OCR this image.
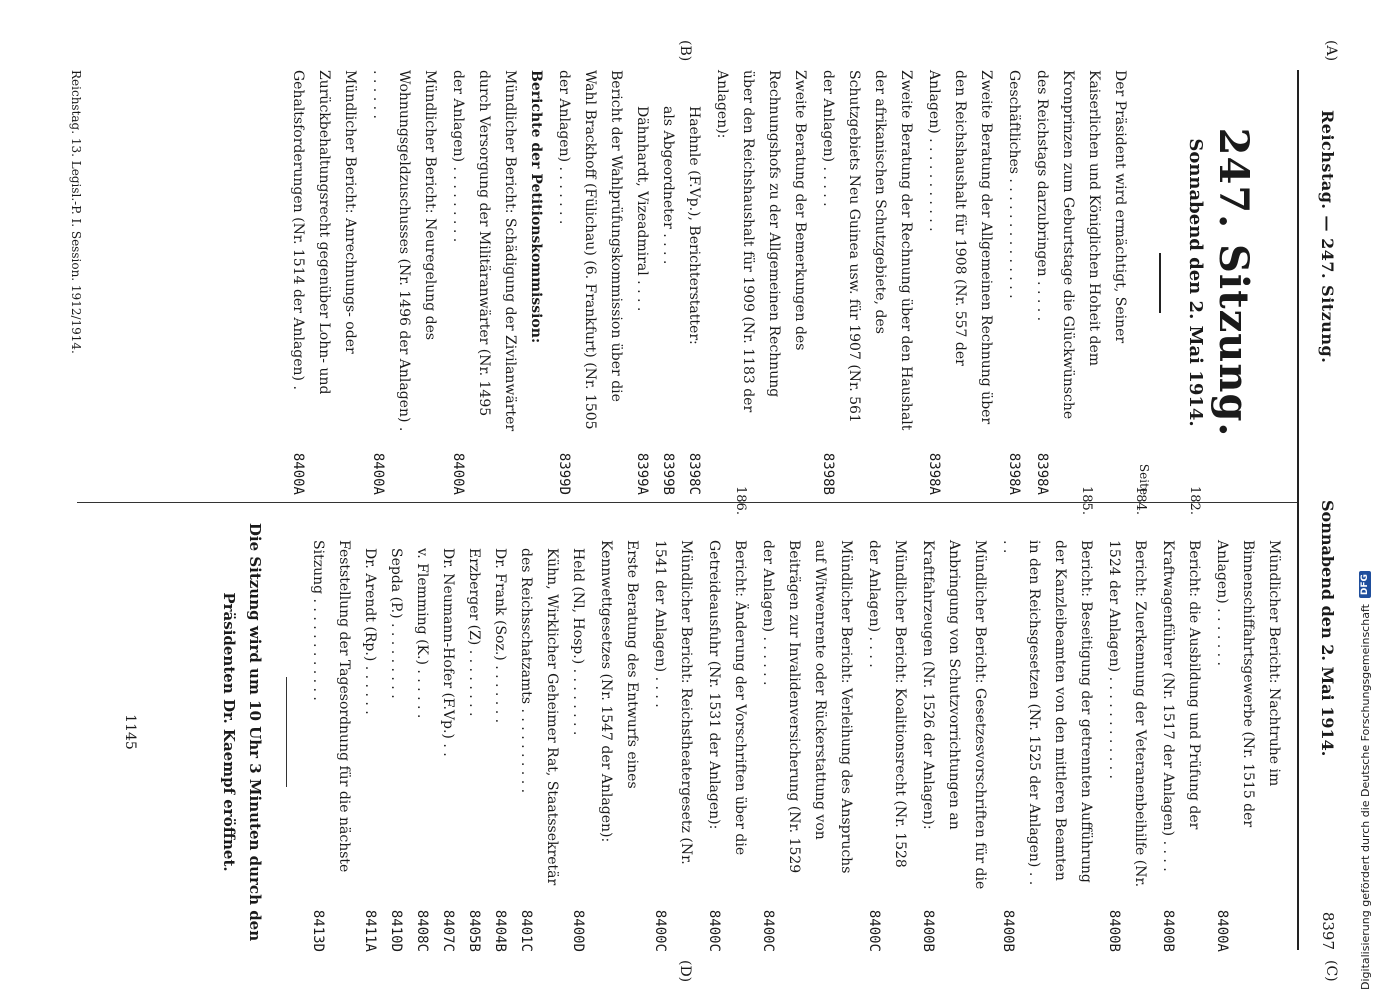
(A)
(B)
(C)
(D)
Reichstag. — 247. Sitzung.
Sonnabend den 2. Mai 1914.
8397
247. Sitzung.
Sonnabend den 2. Mai 1914.
Seite
Der Präsident wird ermächtigt, Seiner Kaiserlichen und Königlichen Hoheit dem Kronprinzen zum Geburtstage die Glückwünsche des Reichstags darzubringen . . . . .
8398A
Geschäftliches . . . . . . . . . . . . . .
8398A
Zweite Beratung der Allgemeinen Rechnung über den Reichshaushalt für 1908 (Nr. 557 der Anlagen) . . . . . . . . . . .
8398A
Zweite Beratung der Rechnung über den Haushalt der afrikanischen Schutzgebiete, des Schutzgebiets Neu Guinea usw. für 1907 (Nr. 561 der Anlagen) . . . . .
8398B
Zweite Beratung der Bemerkungen des Rechnungshofs zu der Allgemeinen Rechnung über den Reichshaushalt für 1909 (Nr. 1183 der Anlagen):
Haehnle (F.Vp.), Berichterstatter:
8398C
als Abgeordneter . . . .
8399B
Dähnhardt, Vizeadmiral . . . .
8399A
Bericht der Wahlprüfungskommission über die Wahl Brackhoff (Fülichau) (6. Frankfurt) (Nr. 1505 der Anlagen) . . . . . . .
8399D
Berichte der Petitionskommission:
Mündlicher Bericht: Schädigung der Zivilanwärter durch Versorgung der Militäranwärter (Nr. 1495 der Anlagen) . . . . . . . . .
8400A
Mündlicher Bericht: Neuregelung des Wohnungsgeldzuschusses (Nr. 1496 der Anlagen) . . . . . . .
8400A
Mündlicher Bericht: Anrechnungs- oder Zurückbehaltungsrecht gegenüber Lohn- und Gehaltsforderungen (Nr. 1514 der Anlagen) .
8400A
Mündlicher Bericht: Nachtruhe im Binnenschiffahrtsgewerbe (Nr. 1515 der Anlagen) . . . . . . .
8400A
182.
Bericht: die Ausbildung und Prüfung der Kraftwagenführer (Nr. 1517 der Anlagen) . . . .
8400B
184.
Bericht: Zuerkennung der Veteranenbeihilfe (Nr. 1524 der Anlagen) . . . . . . . . . . . .
8400B
185.
Bericht: Beseitigung der getrennten Aufführung der Kanzleibeamten von den mittleren Beamten in den Reichsgesetzen (Nr. 1525 der Anlagen) . . . .
8400B
Mündlicher Bericht: Gesetzesvorschriften für die Anbringung von Schutzvorrichtungen an Kraftfahrzeugen (Nr. 1526 der Anlagen):
8400B
Mündlicher Bericht: Koalitionsrecht (Nr. 1528 der Anlagen) . . . .
8400C
Mündlicher Bericht: Verleihung des Anspruchs auf Witwenrente oder Rückerstattung von Beiträgen zur Invalidenversicherung (Nr. 1529 der Anlagen) . . . . . .
8400C
186.
Bericht: Änderung der Vorschriften über die Getreideausfuhr (Nr. 1531 der Anlagen):
8400C
Mündlicher Bericht: Reichstheatergesetz (Nr. 1541 der Anlagen) . . . .
8400C
Erste Beratung des Entwurfs eines Kennwettgesetzes (Nr. 1547 der Anlagen):
Held (Nl, Hosp.) . . . . . . . .
8400D
Kühn, Wirklicher Geheimer Rat, Staatssekretär des Reichsschatzamts . . . . . . . . . .
8401C
Dr. Frank (Soz.) . . . . . . .
8404B
Erzberger (Z) . . . . . . . .
8405B
Dr. Neumann-Hofer (F.Vp.) . .
8407C
v. Flemming (K.) . . . . . .
8408C
Sepda (P.) . . . . . . . . .
8410D
Dr. Arendt (Rp.) . . . . . .
8411A
Feststellung der Tagesordnung für die nächste Sitzung . . . . . . . . . . . .
8413D
Die Sitzung wird um 10 Uhr 3 Minuten durch den Präsidenten Dr. Kaempf eröffnet.
1145
Reichstag. 13. Legisl.-P. I. Session. 1912/1914.
Digitalisierung gefördert durch die Deutsche Forschungsgemeinschaft
DFG
